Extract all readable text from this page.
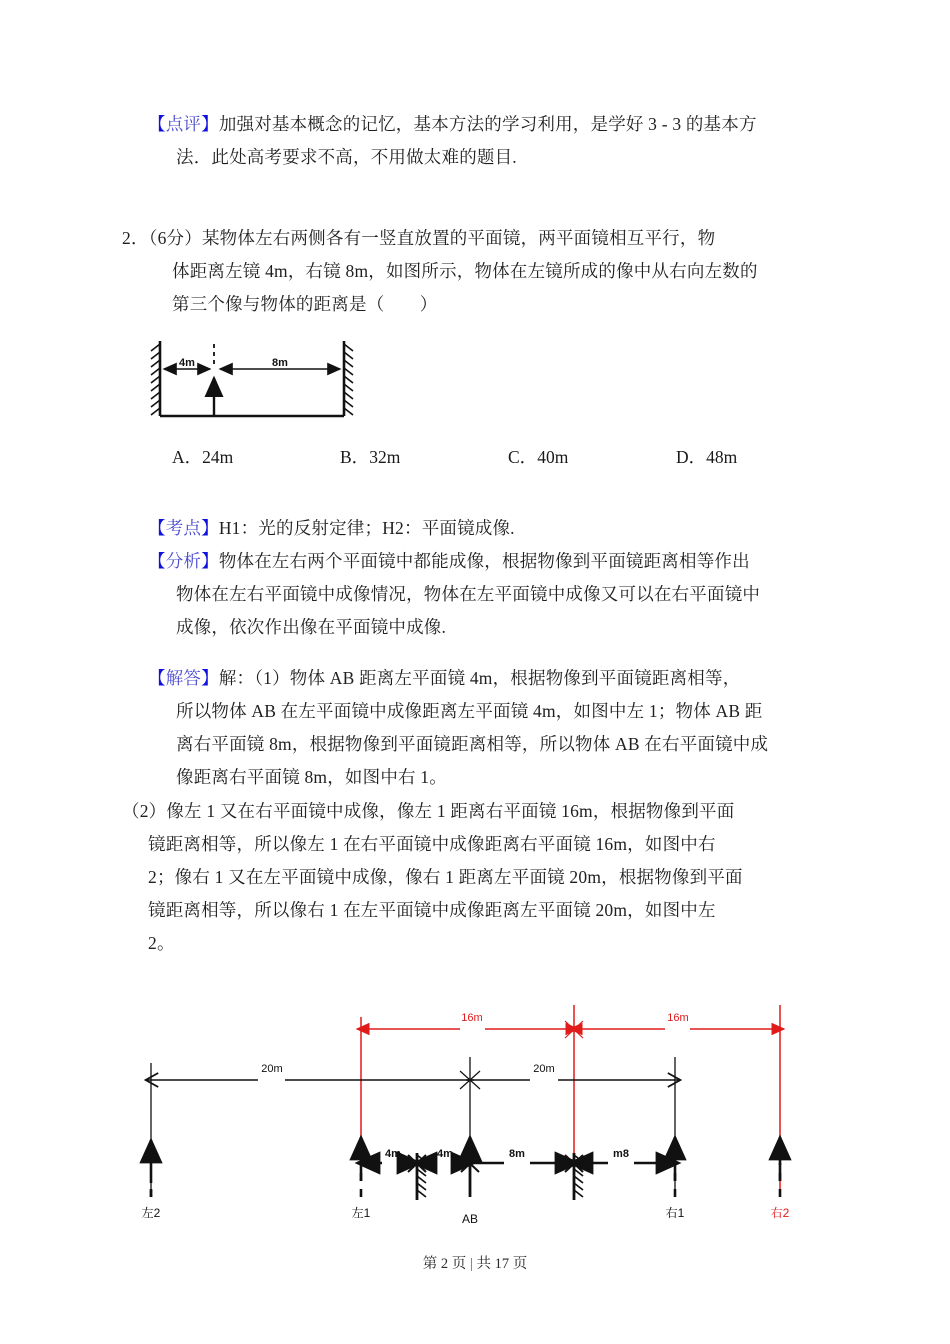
【点评】加强对基本概念的记忆，基本方法的学习利用，是学好 3 - 3 的基本方
法．此处高考要求不高，不用做太难的题目.
2．（6分）某物体左右两侧各有一竖直放置的平面镜，两平面镜相互平行，物
体距离左镜 4m，右镜 8m，如图所示，物体在左镜所成的像中从右向左数的
第三个像与物体的距离是（　　）
4m	8m
A．24m	B．32m	C．40m	D．48m
【考点】H1：光的反射定律；H2：平面镜成像.
【分析】物体在左右两个平面镜中都能成像，根据物像到平面镜距离相等作出
物体在左右平面镜中成像情况，物体在左平面镜中成像又可以在右平面镜中
成像，依次作出像在平面镜中成像.
【解答】解：（1）物体 AB 距离左平面镜 4m，根据物像到平面镜距离相等，
所以物体 AB 在左平面镜中成像距离左平面镜 4m，如图中左 1；物体 AB 距
离右平面镜 8m，根据物像到平面镜距离相等，所以物体 AB 在右平面镜中成
像距离右平面镜 8m，如图中右 1。
（2）像左 1 又在右平面镜中成像，像左 1 距离右平面镜 16m，根据物像到平面
镜距离相等，所以像左 1 在右平面镜中成像距离右平面镜 16m，如图中右
2；像右 1 又在左平面镜中成像，像右 1 距离左平面镜 20m，根据物像到平面
镜距离相等，所以像右 1 在左平面镜中成像距离左平面镜 20m，如图中左
2。
16m	16m
20m	20m
4m	4m	8m	m8
左2	左1	AB	右1	右2
第 2 页 | 共 17 页
